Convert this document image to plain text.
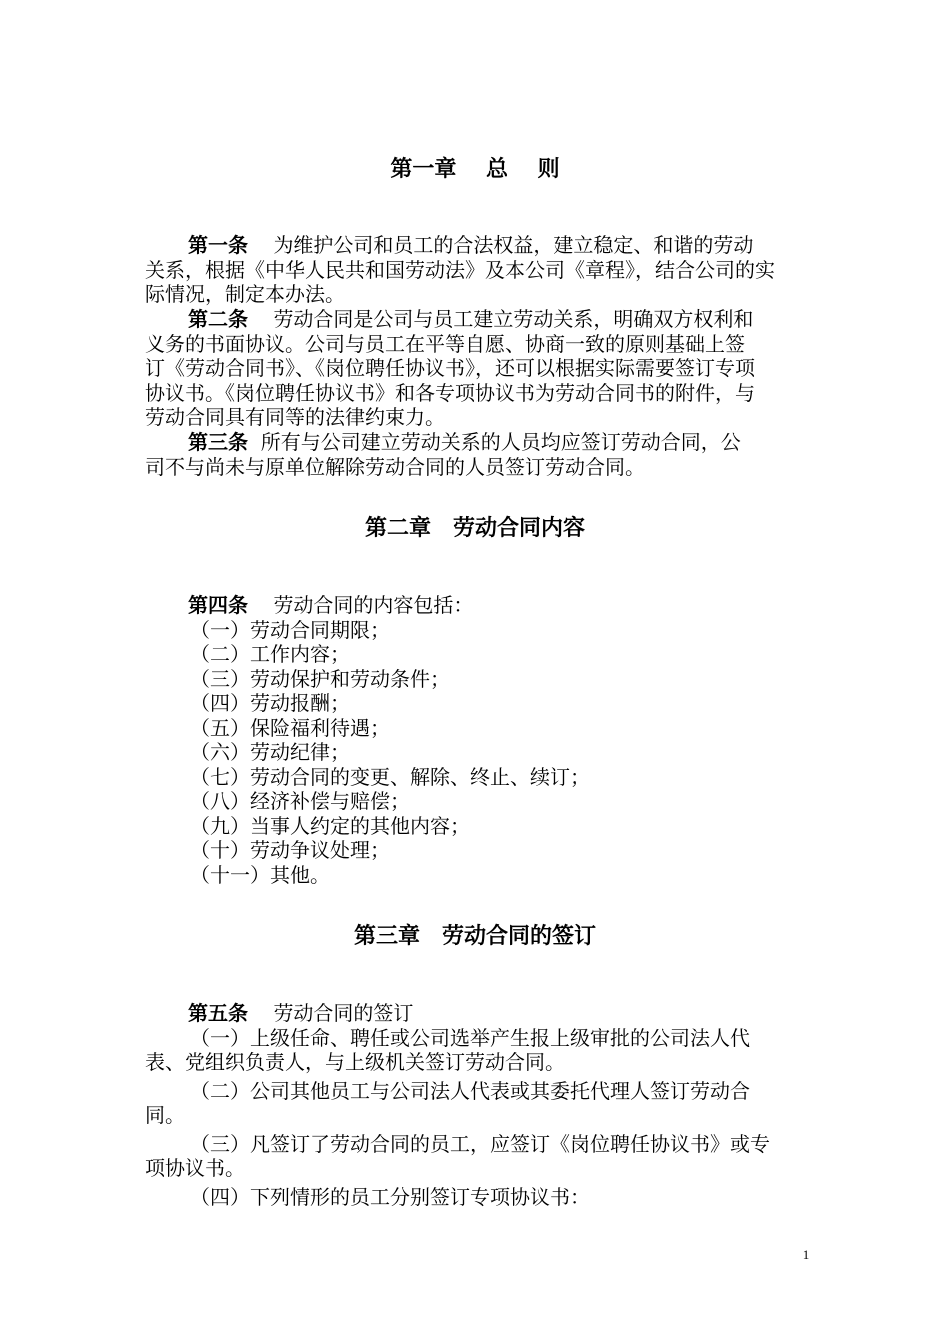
第一章　 总　 则
第一条 为维护公司和员工的合法权益，建立稳定、和谐的劳动
关系，根据《中华人民共和国劳动法》及本公司《章程》，结合公司的实
际情况，制定本办法。
第二条 劳动合同是公司与员工建立劳动关系，明确双方权利和
义务的书面协议。公司与员工在平等自愿、协商一致的原则基础上签
订《劳动合同书》、《岗位聘任协议书》，还可以根据实际需要签订专项
协议书。《岗位聘任协议书》和各专项协议书为劳动合同书的附件，与
劳动合同具有同等的法律约束力。
第三条 所有与公司建立劳动关系的人员均应签订劳动合同，公
司不与尚未与原单位解除劳动合同的人员签订劳动合同。
第二章　劳动合同内容
第四条 劳动合同的内容包括：
（一）劳动合同期限；
（二）工作内容；
（三）劳动保护和劳动条件；
（四）劳动报酬；
（五）保险福利待遇；
（六）劳动纪律；
（七）劳动合同的变更、解除、终止、续订；
（八）经济补偿与赔偿；
（九）当事人约定的其他内容；
（十）劳动争议处理；
（十一）其他。
第三章　劳动合同的签订
第五条 劳动合同的签订
（一）上级任命、聘任或公司选举产生报上级审批的公司法人代
表、党组织负责人，与上级机关签订劳动合同。
（二）公司其他员工与公司法人代表或其委托代理人签订劳动合
同。
（三）凡签订了劳动合同的员工，应签订《岗位聘任协议书》或专
项协议书。
（四）下列情形的员工分别签订专项协议书：
1
